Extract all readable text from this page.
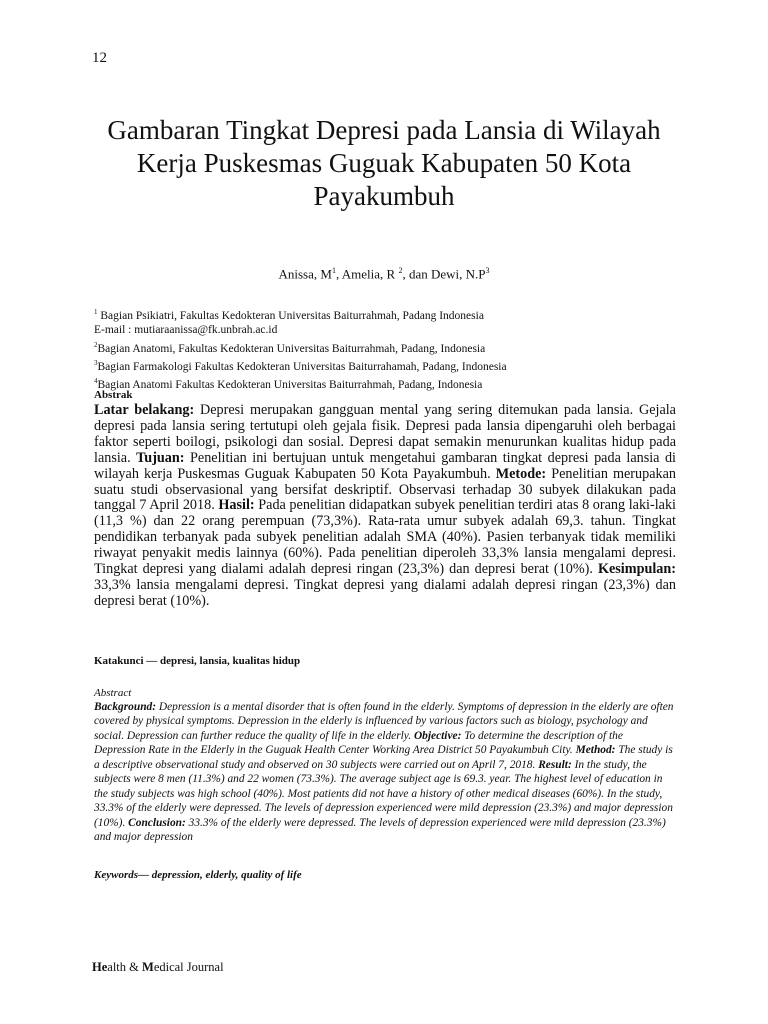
12
Gambaran Tingkat Depresi pada Lansia di Wilayah Kerja Puskesmas Guguak Kabupaten 50 Kota Payakumbuh
Anissa, $M^1$, Amelia, R $^2$, dan Dewi, $N.P^3$
$^1$ Bagian Psikiatri, Fakultas Kedokteran Universitas Baiturrahmah, Padang Indonesia
E-mail : mutiaraanissa@fk.unbrah.ac.id
$^2$Bagian Anatomi, Fakultas Kedokteran Universitas Baiturrahmah, Padang, Indonesia
$^3$Bagian Farmakologi Fakultas Kedokteran Universitas Baiturrahamah, Padang, Indonesia
$^4$Bagian Anatomi Fakultas Kedokteran Universitas Baiturrahmah, Padang, Indonesia
Abstrak

Latar belakang: Depresi merupakan gangguan mental yang sering ditemukan pada lansia. Gejala depresi pada lansia sering tertutupi oleh gejala fisik. Depresi pada lansia dipengaruhi oleh berbagai faktor seperti boilogi, psikologi dan sosial. Depresi dapat semakin menurunkan kualitas hidup pada lansia. Tujuan: Penelitian ini bertujuan untuk mengetahui gambaran tingkat depresi pada lansia di wilayah kerja Puskesmas Guguak Kabupaten 50 Kota Payakumbuh. Metode: Penelitian merupakan suatu studi observasional yang bersifat deskriptif. Observasi terhadap 30 subyek dilakukan pada tanggal 7 April 2018. Hasil: Pada penelitian didapatkan subyek penelitian terdiri atas 8 orang laki-laki (11,3 %) dan 22 orang perempuan (73,3%). Rata-rata umur subyek adalah 69,3. tahun. Tingkat pendidikan terbanyak pada subyek penelitian adalah SMA (40%). Pasien terbanyak tidak memiliki riwayat penyakit medis lainnya (60%). Pada penelitian diperoleh 33,3% lansia mengalami depresi. Tingkat depresi yang dialami adalah depresi ringan (23,3%) dan depresi berat (10%). Kesimpulan: 33,3% lansia mengalami depresi. Tingkat depresi yang dialami adalah depresi ringan (23,3%) dan depresi berat (10%).

Katakunci — depresi, lansia, kualitas hidup
Abstract

Background: Depression is a mental disorder that is often found in the elderly. Symptoms of depression in the elderly are often covered by physical symptoms. Depression in the elderly is influenced by various factors such as biology, psychology and social. Depression can further reduce the quality of life in the elderly. Objective: To determine the description of the Depression Rate in the Elderly in the Guguak Health Center Working Area District 50 Payakumbuh City. Method: The study is a descriptive observational study and observed on 30 subjects were carried out on April 7, 2018. Result: In the study, the subjects were 8 men (11.3%) and 22 women (73.3%). The average subject age is 69.3. year. The highest level of education in the study subjects was high school (40%). Most patients did not have a history of other medical diseases (60%). In the study, 33.3% of the elderly were depressed. The levels of depression experienced were mild depression (23.3%) and major depression (10%). Conclusion: 33.3% of the elderly were depressed. The levels of depression experienced were mild depression (23.3%) and major depression

Keywords— depression, elderly, quality of life
Health & Medical Journal
